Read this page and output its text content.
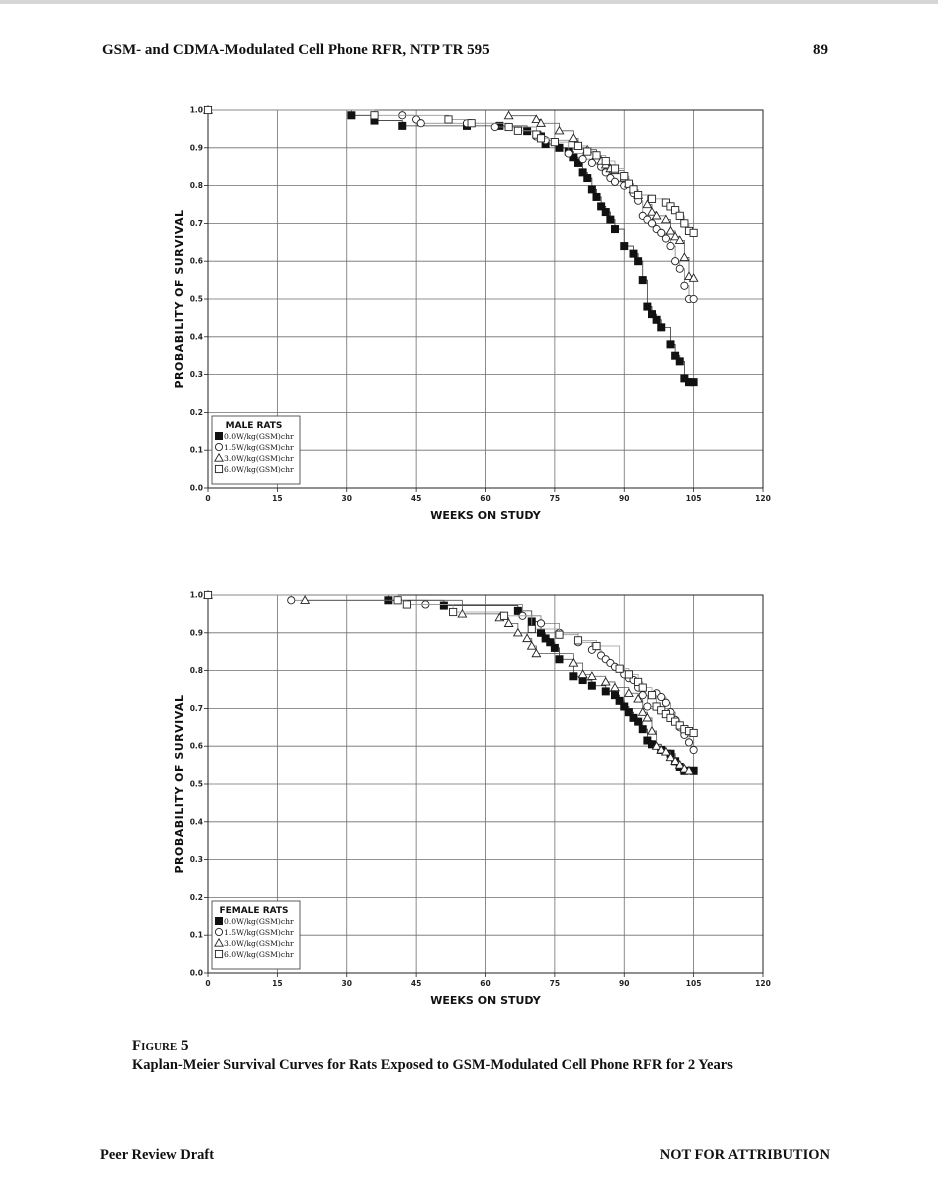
GSM- and CDMA-Modulated Cell Phone RFR, NTP TR 595	89
0	15	30	45	60	75	90	105	120
0.0
0.1
0.2
0.3
0.4
0.5
0.6
0.7
0.8
0.9
1.0
WEEKS ON STUDY
PROBABILITY OF SURVIVAL
MALE RATS
0.0W/kg(GSM)chr
1.5W/kg(GSM)chr
3.0W/kg(GSM)chr
6.0W/kg(GSM)chr
0	15	30	45	60	75	90	105	120
0.0
0.1
0.2
0.3
0.4
0.5
0.6
0.7
0.8
0.9
1.0
WEEKS ON STUDY
PROBABILITY OF SURVIVAL
FEMALE RATS
0.0W/kg(GSM)chr
1.5W/kg(GSM)chr
3.0W/kg(GSM)chr
6.0W/kg(GSM)chr
Figure 5
Kaplan-Meier Survival Curves for Rats Exposed to GSM-Modulated Cell Phone RFR for 2 Years
Peer Review Draft	NOT FOR ATTRIBUTION
